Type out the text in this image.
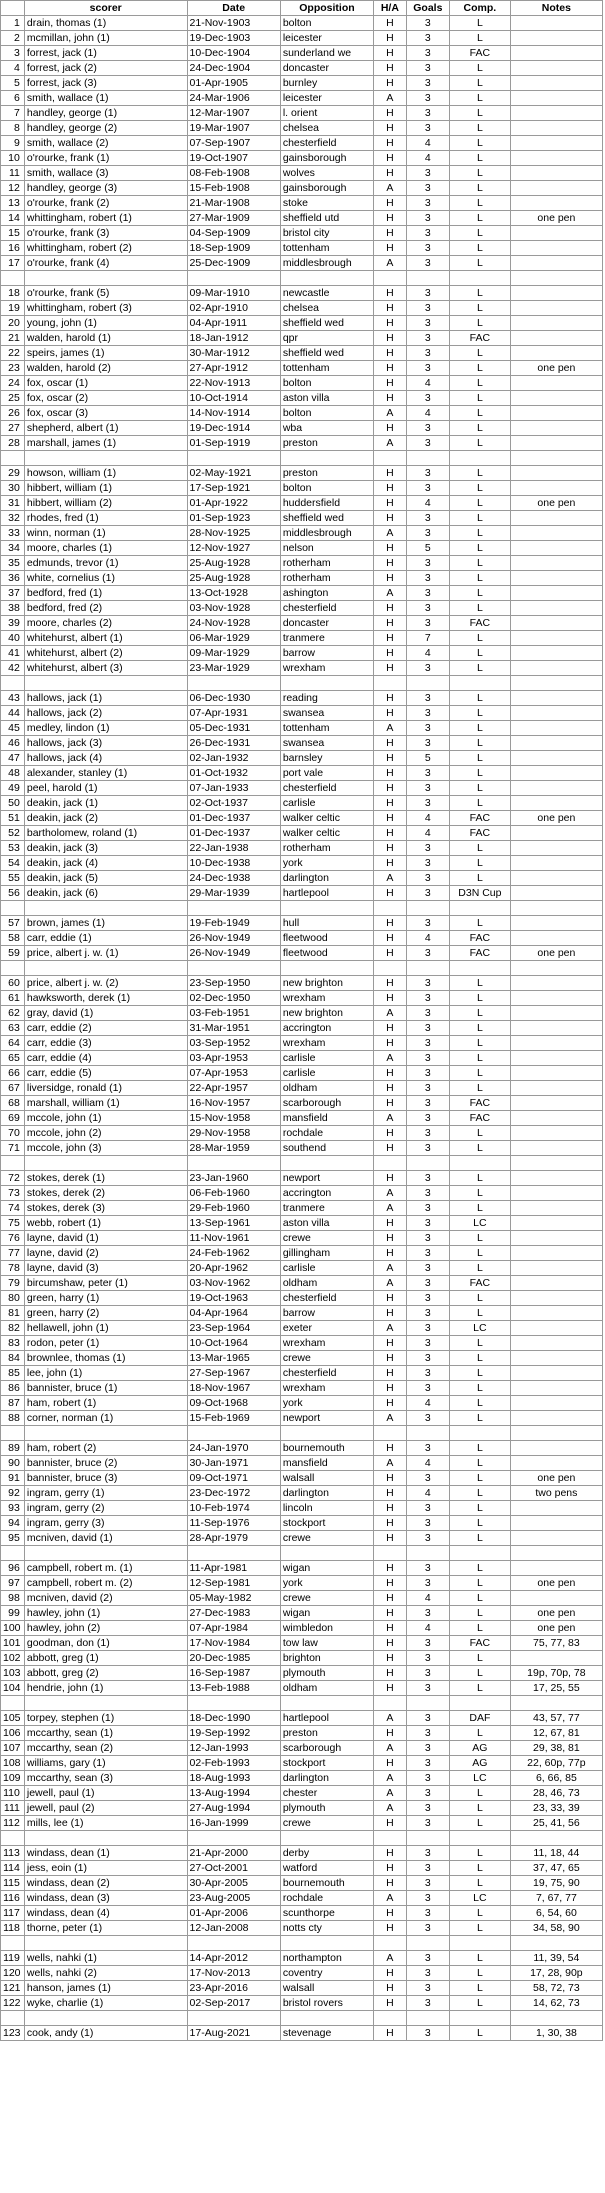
	scorer	Date	Opposition	H/A	Goals	Comp.	Notes
1	drain, thomas (1)	21-Nov-1903	bolton	H	3	L	
2	mcmillan, john (1)	19-Dec-1903	leicester	H	3	L	
3	forrest, jack (1)	10-Dec-1904	sunderland we	H	3	FAC	
4	forrest, jack (2)	24-Dec-1904	doncaster	H	3	L	
5	forrest, jack (3)	01-Apr-1905	burnley	H	3	L	
6	smith, wallace (1)	24-Mar-1906	leicester	A	3	L	
7	handley, george (1)	12-Mar-1907	l. orient	H	3	L	
8	handley, george (2)	19-Mar-1907	chelsea	H	3	L	
9	smith, wallace (2)	07-Sep-1907	chesterfield	H	4	L	
10	o'rourke, frank (1)	19-Oct-1907	gainsborough	H	4	L	
11	smith, wallace (3)	08-Feb-1908	wolves	H	3	L	
12	handley, george (3)	15-Feb-1908	gainsborough	A	3	L	
13	o'rourke, frank (2)	21-Mar-1908	stoke	H	3	L	
14	whittingham, robert (1)	27-Mar-1909	sheffield utd	H	3	L	one pen
15	o'rourke, frank (3)	04-Sep-1909	bristol city	H	3	L	
16	whittingham, robert (2)	18-Sep-1909	tottenham	H	3	L	
17	o'rourke, frank (4)	25-Dec-1909	middlesbrough	A	3	L	

18	o'rourke, frank (5)	09-Mar-1910	newcastle	H	3	L	
19	whittingham, robert (3)	02-Apr-1910	chelsea	H	3	L	
20	young, john (1)	04-Apr-1911	sheffield wed	H	3	L	
21	walden, harold (1)	18-Jan-1912	qpr	H	3	FAC	
22	speirs, james (1)	30-Mar-1912	sheffield wed	H	3	L	
23	walden, harold (2)	27-Apr-1912	tottenham	H	3	L	one pen
24	fox, oscar (1)	22-Nov-1913	bolton	H	4	L	
25	fox, oscar (2)	10-Oct-1914	aston villa	H	3	L	
26	fox, oscar (3)	14-Nov-1914	bolton	A	4	L	
27	shepherd, albert (1)	19-Dec-1914	wba	H	3	L	
28	marshall, james (1)	01-Sep-1919	preston	A	3	L	

29	howson, william (1)	02-May-1921	preston	H	3	L	
30	hibbert, william (1)	17-Sep-1921	bolton	H	3	L	
31	hibbert, william (2)	01-Apr-1922	huddersfield	H	4	L	one pen
32	rhodes, fred (1)	01-Sep-1923	sheffield wed	H	3	L	
33	winn, norman (1)	28-Nov-1925	middlesbrough	A	3	L	
34	moore, charles (1)	12-Nov-1927	nelson	H	5	L	
35	edmunds, trevor (1)	25-Aug-1928	rotherham	H	3	L	
36	white, cornelius (1)	25-Aug-1928	rotherham	H	3	L	
37	bedford, fred (1)	13-Oct-1928	ashington	A	3	L	
38	bedford, fred (2)	03-Nov-1928	chesterfield	H	3	L	
39	moore, charles (2)	24-Nov-1928	doncaster	H	3	FAC	
40	whitehurst, albert (1)	06-Mar-1929	tranmere	H	7	L	
41	whitehurst, albert (2)	09-Mar-1929	barrow	H	4	L	
42	whitehurst, albert (3)	23-Mar-1929	wrexham	H	3	L	

43	hallows, jack (1)	06-Dec-1930	reading	H	3	L	
44	hallows, jack (2)	07-Apr-1931	swansea	H	3	L	
45	medley, lindon (1)	05-Dec-1931	tottenham	A	3	L	
46	hallows, jack (3)	26-Dec-1931	swansea	H	3	L	
47	hallows, jack (4)	02-Jan-1932	barnsley	H	5	L	
48	alexander, stanley (1)	01-Oct-1932	port vale	H	3	L	
49	peel, harold (1)	07-Jan-1933	chesterfield	H	3	L	
50	deakin, jack (1)	02-Oct-1937	carlisle	H	3	L	
51	deakin, jack (2)	01-Dec-1937	walker celtic	H	4	FAC	one pen
52	bartholomew, roland (1)	01-Dec-1937	walker celtic	H	4	FAC	
53	deakin, jack (3)	22-Jan-1938	rotherham	H	3	L	
54	deakin, jack (4)	10-Dec-1938	york	H	3	L	
55	deakin, jack (5)	24-Dec-1938	darlington	A	3	L	
56	deakin, jack (6)	29-Mar-1939	hartlepool	H	3	D3N Cup	

57	brown, james (1)	19-Feb-1949	hull	H	3	L	
58	carr, eddie (1)	26-Nov-1949	fleetwood	H	4	FAC	
59	price, albert j. w. (1)	26-Nov-1949	fleetwood	H	3	FAC	one pen

60	price, albert j. w. (2)	23-Sep-1950	new brighton	H	3	L	
61	hawksworth, derek (1)	02-Dec-1950	wrexham	H	3	L	
62	gray, david (1)	03-Feb-1951	new brighton	A	3	L	
63	carr, eddie (2)	31-Mar-1951	accrington	H	3	L	
64	carr, eddie (3)	03-Sep-1952	wrexham	H	3	L	
65	carr, eddie (4)	03-Apr-1953	carlisle	A	3	L	
66	carr, eddie (5)	07-Apr-1953	carlisle	H	3	L	
67	liversidge, ronald (1)	22-Apr-1957	oldham	H	3	L	
68	marshall, william (1)	16-Nov-1957	scarborough	H	3	FAC	
69	mccole, john (1)	15-Nov-1958	mansfield	A	3	FAC	
70	mccole, john (2)	29-Nov-1958	rochdale	H	3	L	
71	mccole, john (3)	28-Mar-1959	southend	H	3	L	

72	stokes, derek (1)	23-Jan-1960	newport	H	3	L	
73	stokes, derek (2)	06-Feb-1960	accrington	A	3	L	
74	stokes, derek (3)	29-Feb-1960	tranmere	A	3	L	
75	webb, robert (1)	13-Sep-1961	aston villa	H	3	LC	
76	layne, david (1)	11-Nov-1961	crewe	H	3	L	
77	layne, david (2)	24-Feb-1962	gillingham	H	3	L	
78	layne, david (3)	20-Apr-1962	carlisle	A	3	L	
79	bircumshaw, peter (1)	03-Nov-1962	oldham	A	3	FAC	
80	green, harry (1)	19-Oct-1963	chesterfield	H	3	L	
81	green, harry (2)	04-Apr-1964	barrow	H	3	L	
82	hellawell, john (1)	23-Sep-1964	exeter	A	3	LC	
83	rodon, peter (1)	10-Oct-1964	wrexham	H	3	L	
84	brownlee, thomas (1)	13-Mar-1965	crewe	H	3	L	
85	lee, john (1)	27-Sep-1967	chesterfield	H	3	L	
86	bannister, bruce (1)	18-Nov-1967	wrexham	H	3	L	
87	ham, robert (1)	09-Oct-1968	york	H	4	L	
88	corner, norman (1)	15-Feb-1969	newport	A	3	L	

89	ham, robert (2)	24-Jan-1970	bournemouth	H	3	L	
90	bannister, bruce (2)	30-Jan-1971	mansfield	A	4	L	
91	bannister, bruce (3)	09-Oct-1971	walsall	H	3	L	one pen
92	ingram, gerry (1)	23-Dec-1972	darlington	H	4	L	two pens
93	ingram, gerry (2)	10-Feb-1974	lincoln	H	3	L	
94	ingram, gerry (3)	11-Sep-1976	stockport	H	3	L	
95	mcniven, david (1)	28-Apr-1979	crewe	H	3	L	

96	campbell, robert m. (1)	11-Apr-1981	wigan	H	3	L	
97	campbell, robert m. (2)	12-Sep-1981	york	H	3	L	one pen
98	mcniven, david (2)	05-May-1982	crewe	H	4	L	
99	hawley, john (1)	27-Dec-1983	wigan	H	3	L	one pen
100	hawley, john (2)	07-Apr-1984	wimbledon	H	4	L	one pen
101	goodman, don (1)	17-Nov-1984	tow law	H	3	FAC	75, 77, 83
102	abbott, greg (1)	20-Dec-1985	brighton	H	3	L	
103	abbott, greg (2)	16-Sep-1987	plymouth	H	3	L	19p, 70p, 78
104	hendrie, john (1)	13-Feb-1988	oldham	H	3	L	17, 25, 55

105	torpey, stephen (1)	18-Dec-1990	hartlepool	A	3	DAF	43, 57, 77
106	mccarthy, sean (1)	19-Sep-1992	preston	H	3	L	12, 67, 81
107	mccarthy, sean (2)	12-Jan-1993	scarborough	A	3	AG	29, 38, 81
108	williams, gary (1)	02-Feb-1993	stockport	H	3	AG	22, 60p, 77p
109	mccarthy, sean (3)	18-Aug-1993	darlington	A	3	LC	6, 66, 85
110	jewell, paul (1)	13-Aug-1994	chester	A	3	L	28, 46, 73
111	jewell, paul (2)	27-Aug-1994	plymouth	A	3	L	23, 33, 39
112	mills, lee (1)	16-Jan-1999	crewe	H	3	L	25, 41, 56

113	windass, dean (1)	21-Apr-2000	derby	H	3	L	11, 18, 44
114	jess, eoin (1)	27-Oct-2001	watford	H	3	L	37, 47, 65
115	windass, dean (2)	30-Apr-2005	bournemouth	H	3	L	19, 75, 90
116	windass, dean (3)	23-Aug-2005	rochdale	A	3	LC	7, 67, 77
117	windass, dean (4)	01-Apr-2006	scunthorpe	H	3	L	6, 54, 60
118	thorne, peter (1)	12-Jan-2008	notts cty	H	3	L	34, 58, 90

119	wells, nahki (1)	14-Apr-2012	northampton	A	3	L	11, 39, 54
120	wells, nahki (2)	17-Nov-2013	coventry	H	3	L	17, 28, 90p
121	hanson, james (1)	23-Apr-2016	walsall	H	3	L	58, 72, 73
122	wyke, charlie (1)	02-Sep-2017	bristol rovers	H	3	L	14, 62, 73

123	cook, andy (1)	17-Aug-2021	stevenage	H	3	L	1, 30, 38
